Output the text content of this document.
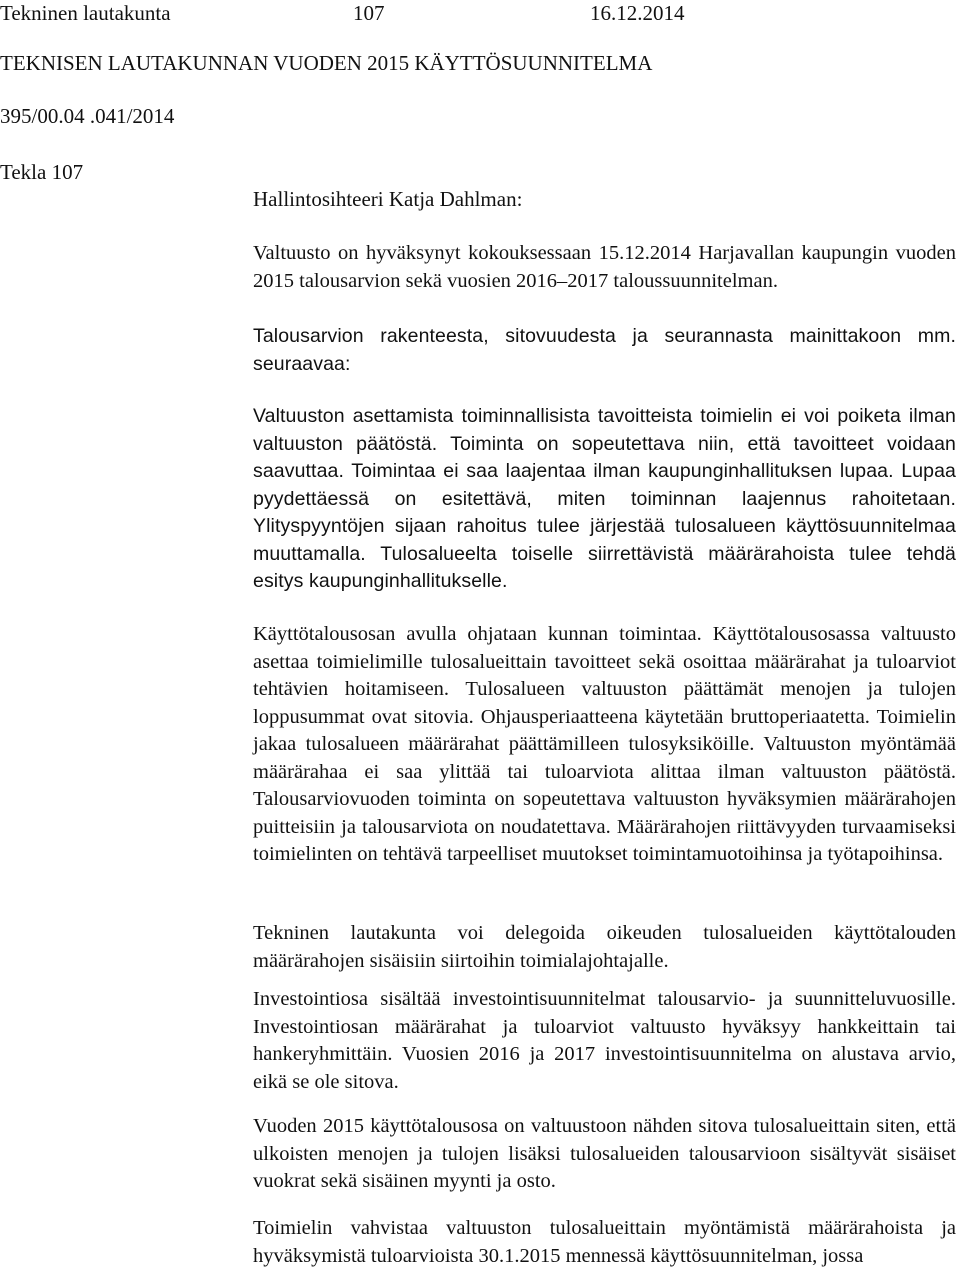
Tekninen lautakunta	107	16.12.2014
TEKNISEN LAUTAKUNNAN VUODEN 2015 KÄYTTÖSUUNNITELMA
395/00.04 .041/2014
Tekla 107
Hallintosihteeri Katja Dahlman:

Valtuusto on hyväksynyt kokouksessaan 15.12.2014 Harjavallan kaupungin vuoden 2015 talousarvion sekä vuosien 2016–2017 taloussuunnitelman.

Talousarvion rakenteesta, sitovuudesta ja seurannasta mainittakoon mm. seuraavaa:

Valtuuston asettamista toiminnallisista tavoitteista toimielin ei voi poiketa ilman valtuuston päätöstä. Toiminta on sopeutettava niin, että tavoitteet voidaan saavuttaa. Toimintaa ei saa laajentaa ilman kaupunginhallituksen lupaa. Lupaa pyydettäessä on esitettävä, miten toiminnan laajennus rahoitetaan. Ylityspyyntöjen sijaan rahoitus tulee järjestää tulosalueen käyttösuunnitelmaa muuttamalla. Tulosalueelta toiselle siirrettävistä määrärahoista tulee tehdä esitys kaupunginhallitukselle.

Käyttötalousosan avulla ohjataan kunnan toimintaa. Käyttötalousosassa valtuusto asettaa toimielimille tulosalueittain tavoitteet sekä osoittaa määrärahat ja tuloarviot tehtävien hoitamiseen. Tulosalueen valtuuston päättämät menojen ja tulojen loppusummat ovat sitovia. Ohjausperiaatteena käytetään bruttoperiaatetta. Toimielin jakaa tulosalueen määrärahat päättämilleen tulosyksiköille. Valtuuston myöntämää määrärahaa ei saa ylittää tai tuloarviota alittaa ilman valtuuston päätöstä. Talousarviovuoden toiminta on sopeutettava valtuuston hyväksymien määrärahojen puitteisiin ja talousarviota on noudatettava. Määrärahojen riittävyyden turvaamiseksi toimielinten on tehtävä tarpeelliset muutokset toimintamuotoihinsa ja työtapoihinsa.

Tekninen lautakunta voi delegoida oikeuden tulosalueiden käyttötalouden määrärahojen sisäisiin siirtoihin toimialajohtajalle.

Investointiosa sisältää investointisuunnitelmat talousarvio- ja suunnitteluvuosille. Investointiosan määrärahat ja tuloarviot valtuusto hyväksyy hankkeittain tai hankeryhmittäin. Vuosien 2016 ja 2017 investointisuunnitelma on alustava arvio, eikä se ole sitova.

Vuoden 2015 käyttötalousosa on valtuustoon nähden sitova tulosalueittain siten, että ulkoisten menojen ja tulojen lisäksi tulosalueiden talousarvioon sisältyvät sisäiset vuokrat sekä sisäinen myynti ja osto.

Toimielin vahvistaa valtuuston tulosalueittain myöntämistä määrärahoista ja hyväksymistä tuloarvioista 30.1.2015 mennessä käyttösuunnitelman, jossa
